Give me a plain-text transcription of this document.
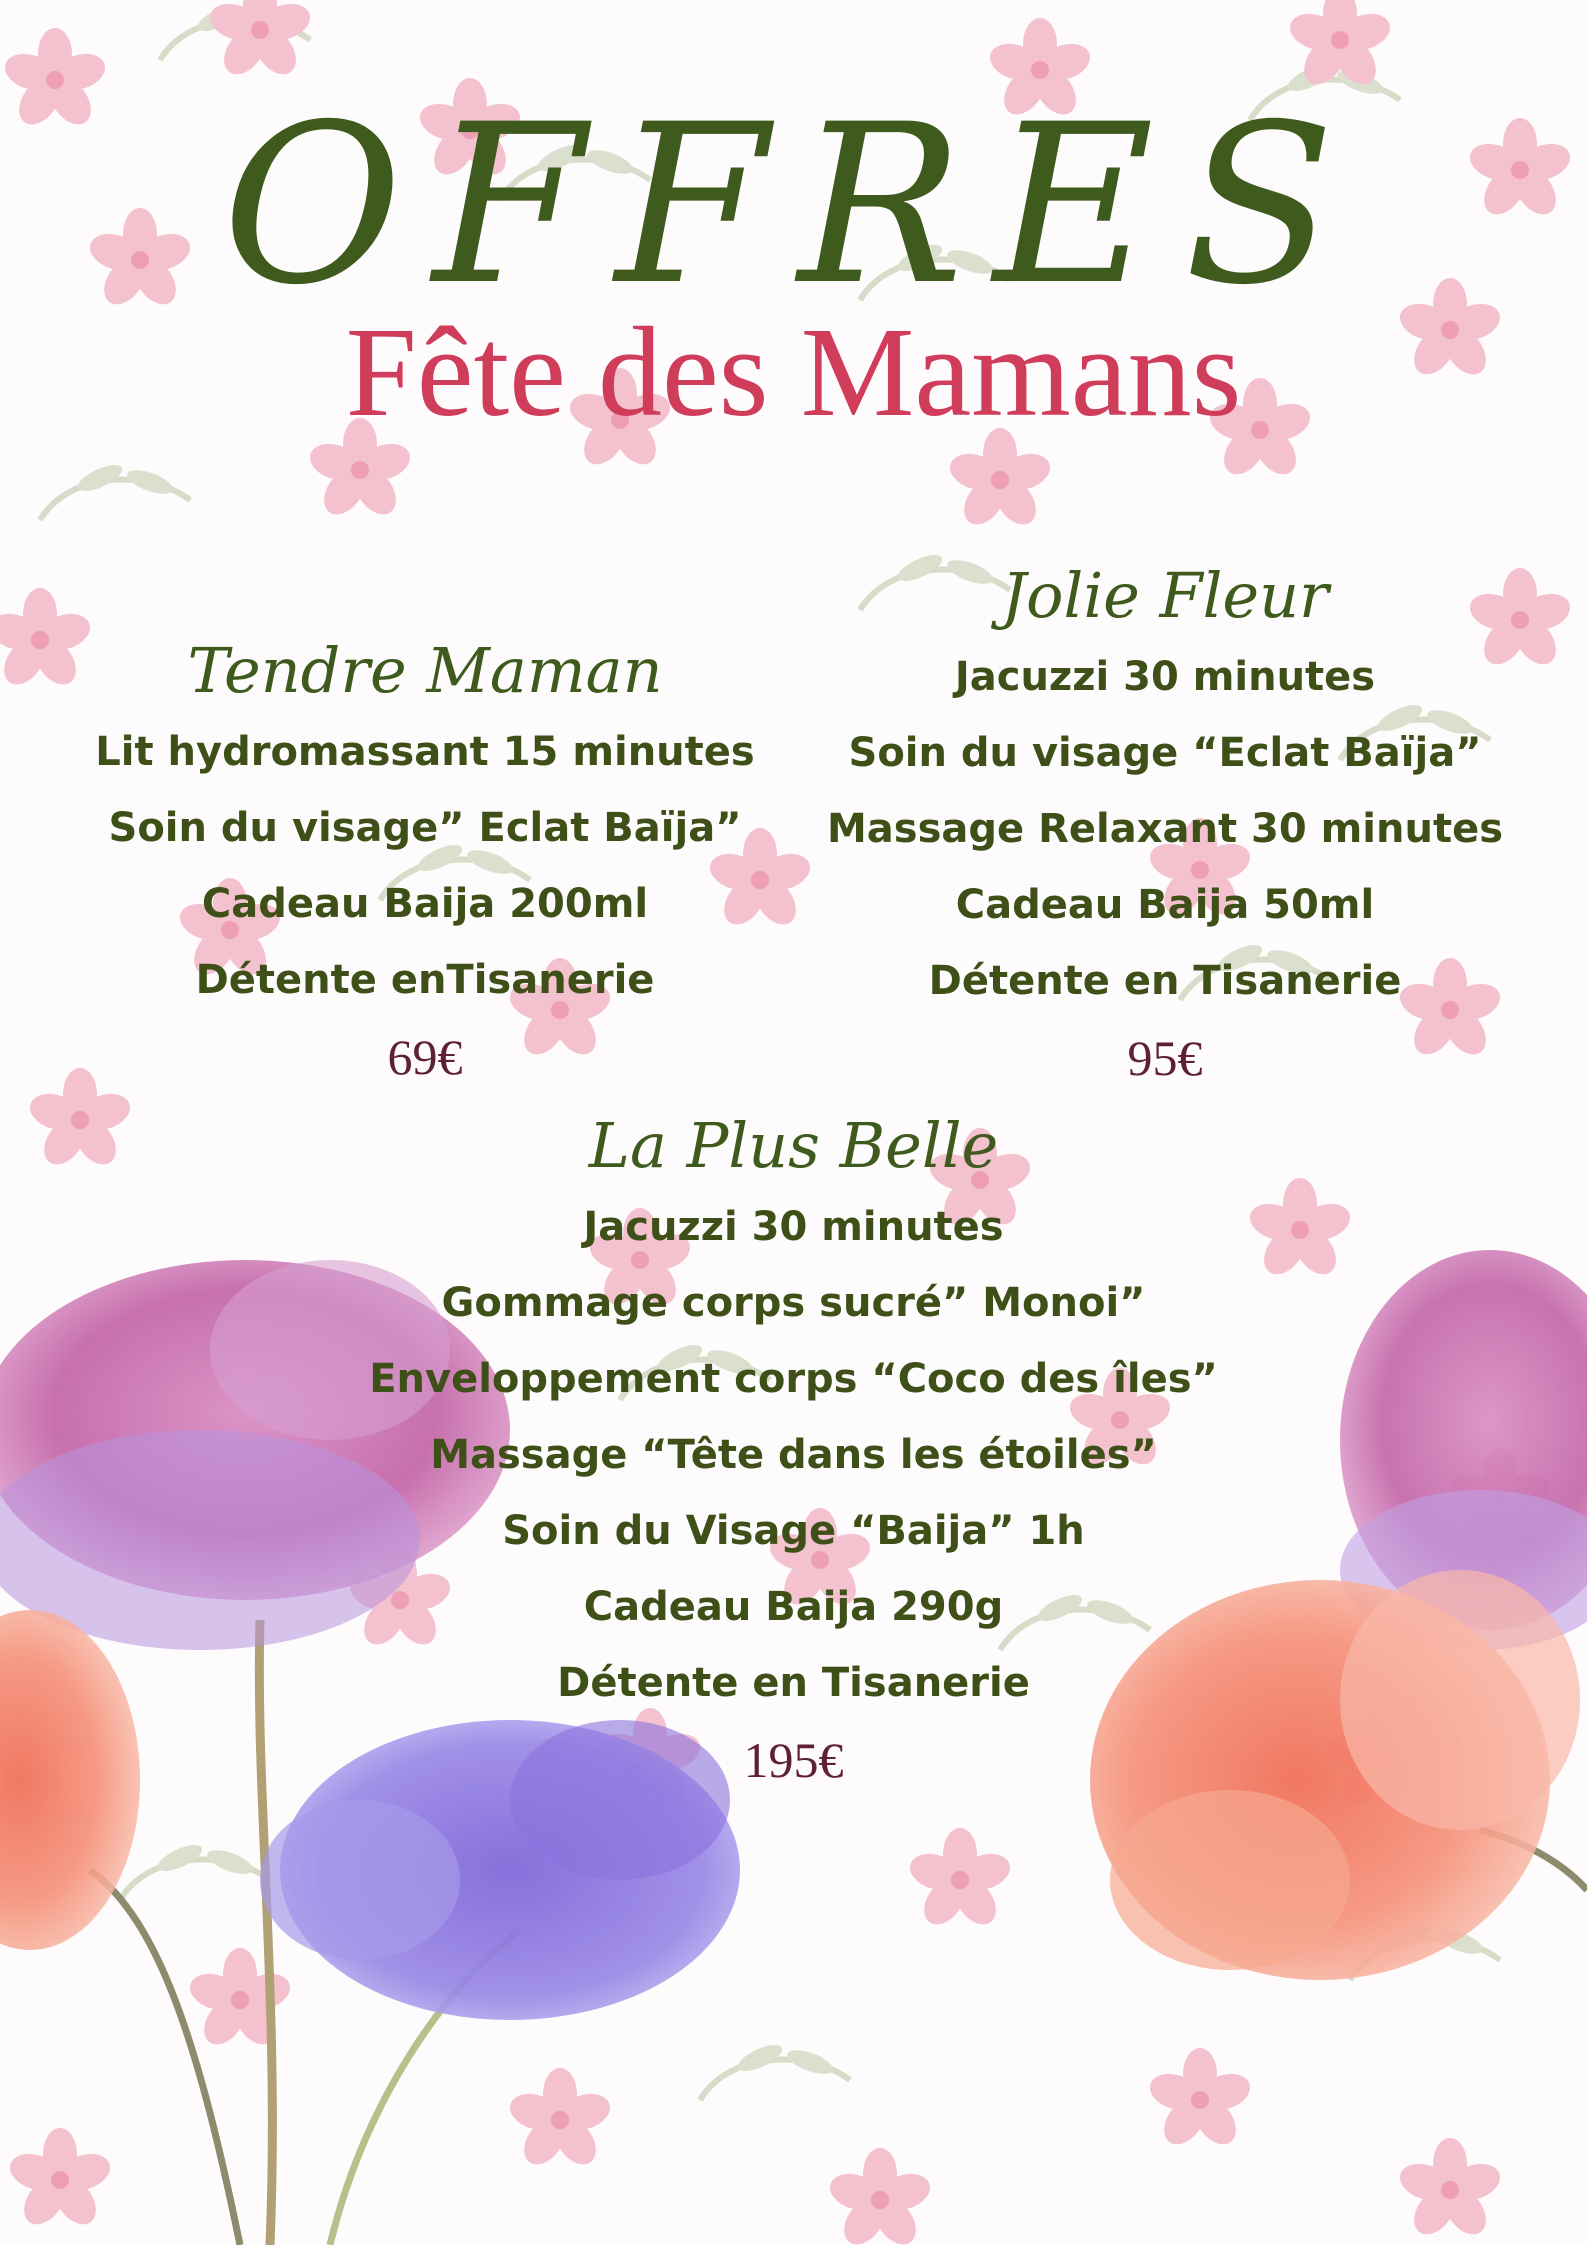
OFFRES
Fête des Mamans
Tendre Maman
Lit hydromassant 15 minutes
Soin du visage” Eclat Baïja”
Cadeau Baija 200ml
Détente enTisanerie
69€
Jolie Fleur
Jacuzzi 30 minutes
Soin du visage “Eclat Baïja”
Massage Relaxant 30 minutes
Cadeau Baija 50ml
Détente en Tisanerie
95€
La Plus Belle
Jacuzzi 30 minutes
Gommage corps sucré” Monoi”
Enveloppement corps “Coco des îles”
Massage “Tête dans les étoiles”
Soin du Visage “Baija” 1h
Cadeau Baija 290g
Détente en Tisanerie
195€
